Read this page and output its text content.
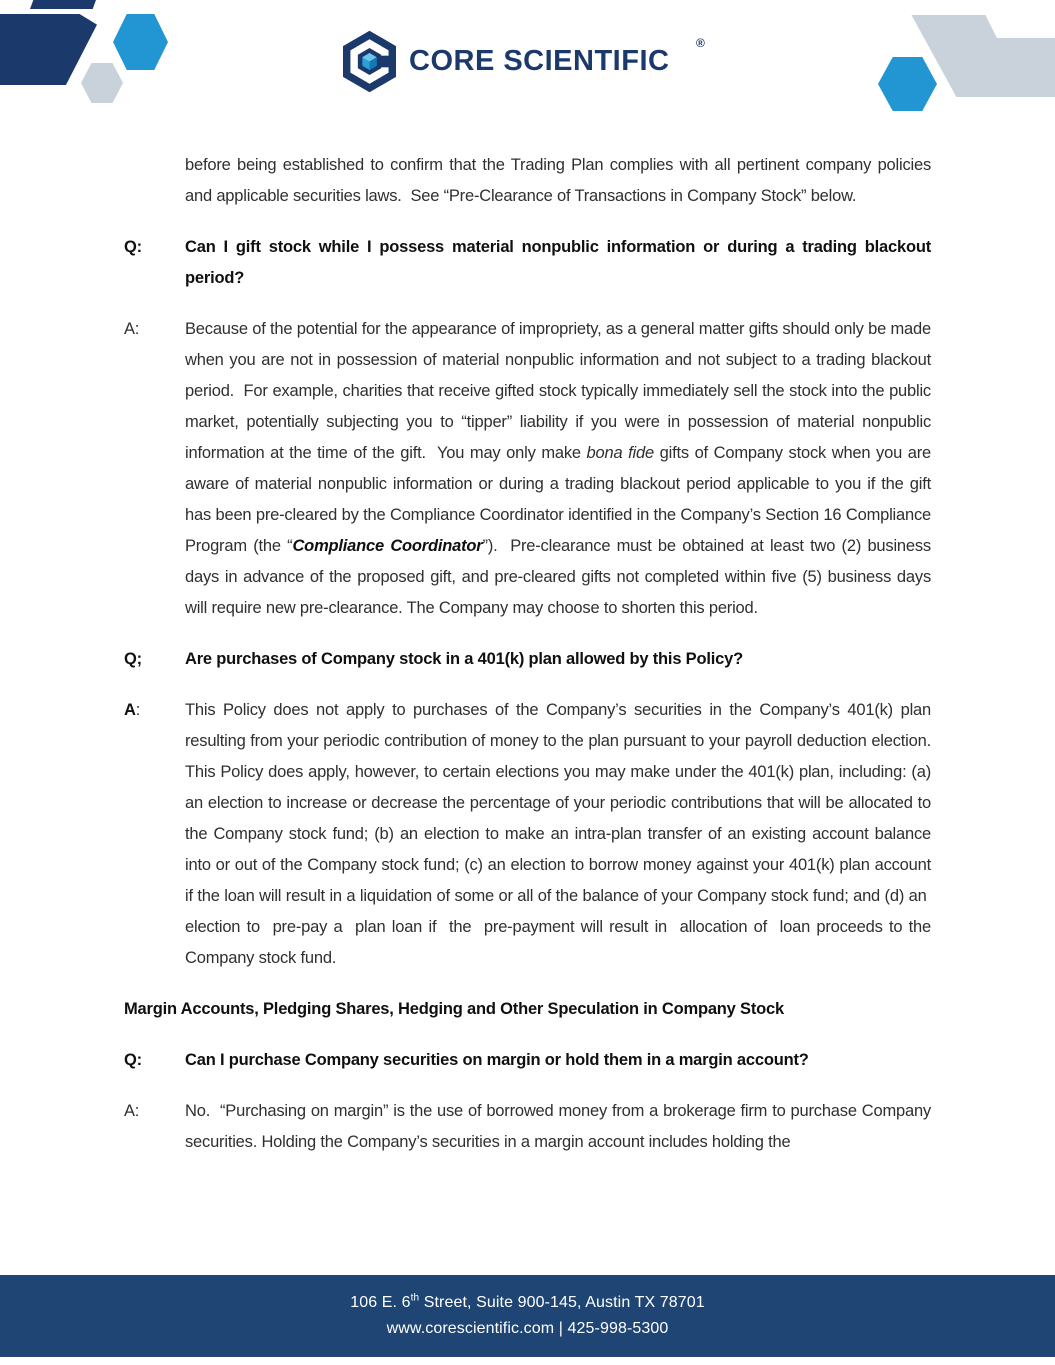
CORE SCIENTIFIC
®
before being established to confirm that the Trading Plan complies with all pertinent company policies and applicable securities laws.  See “Pre-Clearance of Transactions in Company Stock” below.
Q:	Can I gift stock while I possess material nonpublic information or during a trading blackout period?
A:	Because of the potential for the appearance of impropriety, as a general matter gifts should only be made when you are not in possession of material nonpublic information and not subject to a trading blackout period.  For example, charities that receive gifted stock typically immediately sell the stock into the public market, potentially subjecting you to “tipper” liability if you were in possession of material nonpublic information at the time of the gift.  You may only make bona fide gifts of Company stock when you are aware of material nonpublic information or during a trading blackout period applicable to you if the gift has been pre-cleared by the Compliance Coordinator identified in the Company’s Section 16 Compliance Program (the “Compliance Coordinator”).  Pre-clearance must be obtained at least two (2) business days in advance of the proposed gift, and pre-cleared gifts not completed within five (5) business days will require new pre-clearance. The Company may choose to shorten this period.
Q;	Are purchases of Company stock in a 401(k) plan allowed by this Policy?
A:	This Policy does not apply to purchases of the Company’s securities in the Company’s 401(k) plan resulting from your periodic contribution of money to the plan pursuant to your payroll deduction election. This Policy does apply, however, to certain elections you may make under the 401(k) plan, including: (a) an election to increase or decrease the percentage of your periodic contributions that will be allocated to the Company stock fund; (b) an election to make an intra-plan transfer of an existing account balance into or out of the Company stock fund; (c) an election to borrow money against your 401(k) plan account if the loan will result in a liquidation of some or all of the balance of your Company stock fund; and (d) an  election to  pre-pay a  plan loan if  the  pre-payment will result in  allocation of  loan proceeds to the Company stock fund.
Margin Accounts, Pledging Shares, Hedging and Other Speculation in Company Stock
Q:	Can I purchase Company securities on margin or hold them in a margin account?
A:	No.  “Purchasing on margin” is the use of borrowed money from a brokerage firm to purchase Company securities. Holding the Company’s securities in a margin account includes holding the
106 E. 6th Street, Suite 900-145, Austin TX 78701
www.corescientific.com | 425-998-5300
